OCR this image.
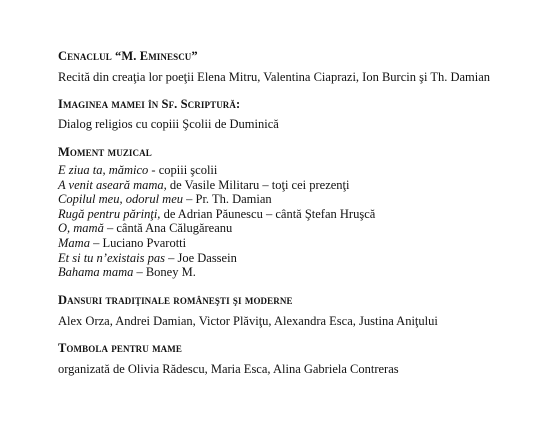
Cenaclul “M. Eminescu”

Recită din creaţia lor poeţii Elena Mitru, Valentina Ciaprazi, Ion Burcin şi Th. Damian

Imaginea mamei în Sf. Scriptură:

Dialog religios cu copiii Şcolii de Duminică

Moment muzical

E ziua ta, mămico - copiii şcolii

A venit aseară mama, de Vasile Militaru – toţi cei prezenţi

Copilul meu, odorul meu – Pr. Th. Damian

Rugă pentru părinţi, de Adrian Păunescu – cântă Ştefan Hruşcă

O, mamă – cântă Ana Călugăreanu

Mama – Luciano Pvarotti

Et si tu n’existais pas – Joe Dassein

Bahama mama – Boney M.

Dansuri tradiţinale româneşti şi moderne

Alex Orza, Andrei Damian, Victor Plăviţu, Alexandra Esca, Justina Aniţului

Tombola pentru mame

organizată de Olivia Rădescu, Maria Esca, Alina Gabriela Contreras
